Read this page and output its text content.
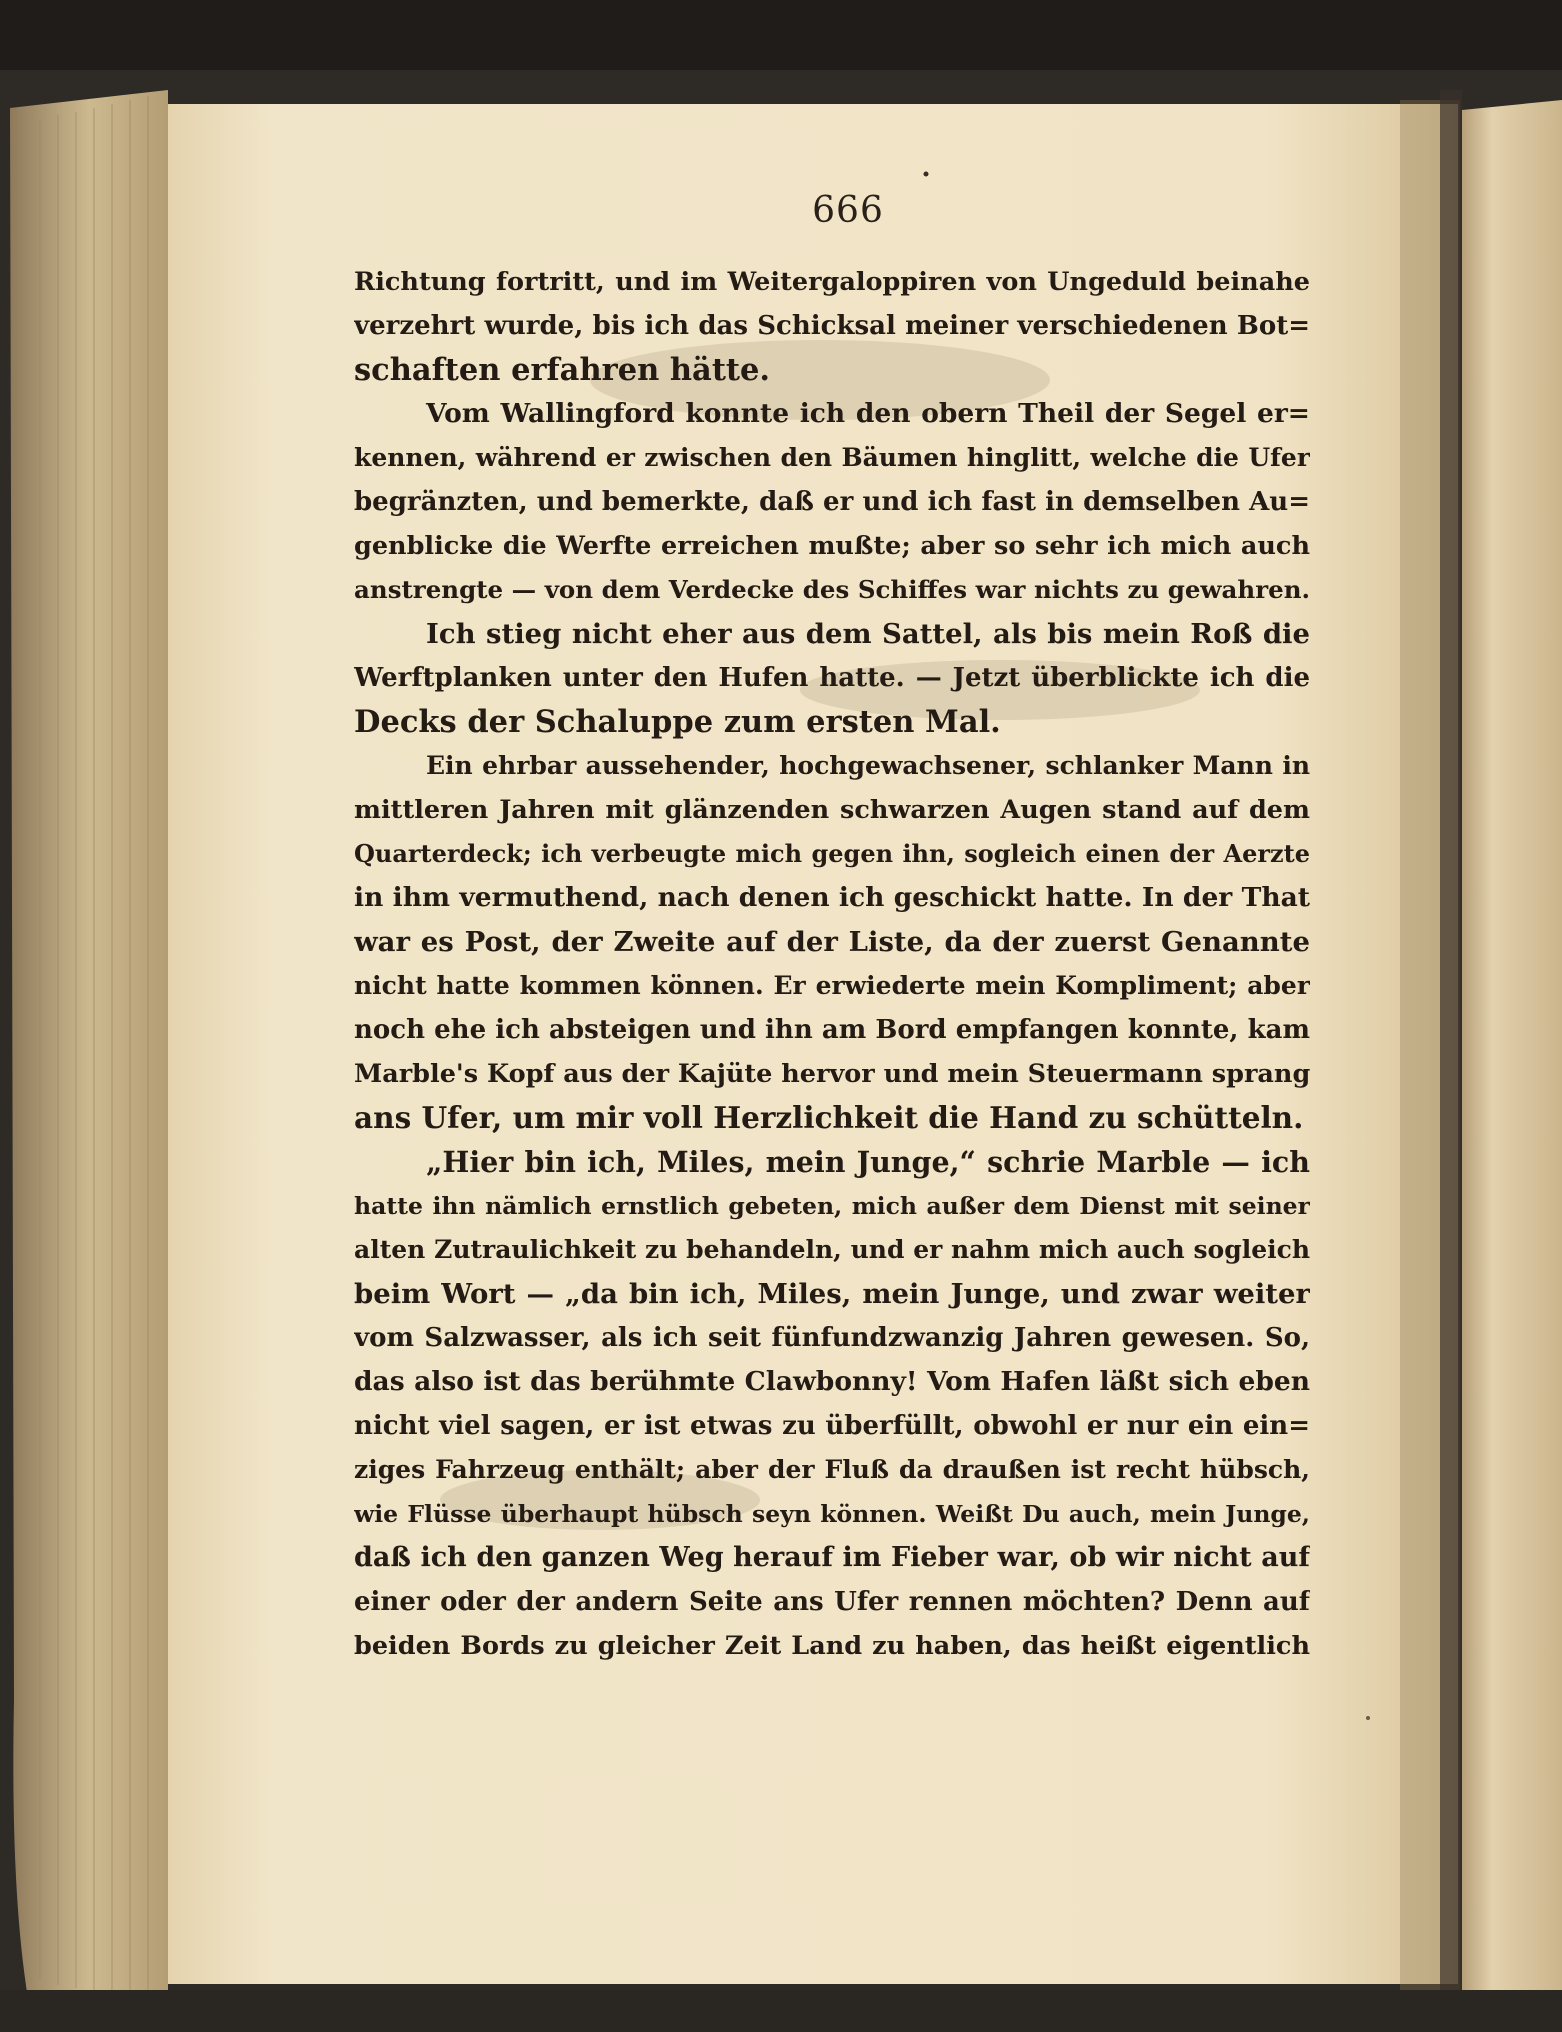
666
Richtung fortritt, und im Weitergaloppiren von Ungeduld beinahe
verzehrt wurde, bis ich das Schicksal meiner verschiedenen Bot=
schaften erfahren hätte.
Vom Wallingford konnte ich den obern Theil der Segel er=
kennen, während er zwischen den Bäumen hinglitt, welche die Ufer
begränzten, und bemerkte, daß er und ich fast in demselben Au=
genblicke die Werfte erreichen mußte; aber so sehr ich mich auch
anstrengte — von dem Verdecke des Schiffes war nichts zu gewahren.
Ich stieg nicht eher aus dem Sattel, als bis mein Roß die
Werftplanken unter den Hufen hatte. — Jetzt überblickte ich die
Decks der Schaluppe zum ersten Mal.
Ein ehrbar aussehender, hochgewachsener, schlanker Mann in
mittleren Jahren mit glänzenden schwarzen Augen stand auf dem
Quarterdeck; ich verbeugte mich gegen ihn, sogleich einen der Aerzte
in ihm vermuthend, nach denen ich geschickt hatte. In der That
war es Post, der Zweite auf der Liste, da der zuerst Genannte
nicht hatte kommen können. Er erwiederte mein Kompliment; aber
noch ehe ich absteigen und ihn am Bord empfangen konnte, kam
Marble's Kopf aus der Kajüte hervor und mein Steuermann sprang
ans Ufer, um mir voll Herzlichkeit die Hand zu schütteln.
„Hier bin ich, Miles, mein Junge,“ schrie Marble — ich
hatte ihn nämlich ernstlich gebeten, mich außer dem Dienst mit seiner
alten Zutraulichkeit zu behandeln, und er nahm mich auch sogleich
beim Wort — „da bin ich, Miles, mein Junge, und zwar weiter
vom Salzwasser, als ich seit fünfundzwanzig Jahren gewesen. So,
das also ist das berühmte Clawbonny! Vom Hafen läßt sich eben
nicht viel sagen, er ist etwas zu überfüllt, obwohl er nur ein ein=
ziges Fahrzeug enthält; aber der Fluß da draußen ist recht hübsch,
wie Flüsse überhaupt hübsch seyn können. Weißt Du auch, mein Junge,
daß ich den ganzen Weg herauf im Fieber war, ob wir nicht auf
einer oder der andern Seite ans Ufer rennen möchten? Denn auf
beiden Bords zu gleicher Zeit Land zu haben, das heißt eigentlich
